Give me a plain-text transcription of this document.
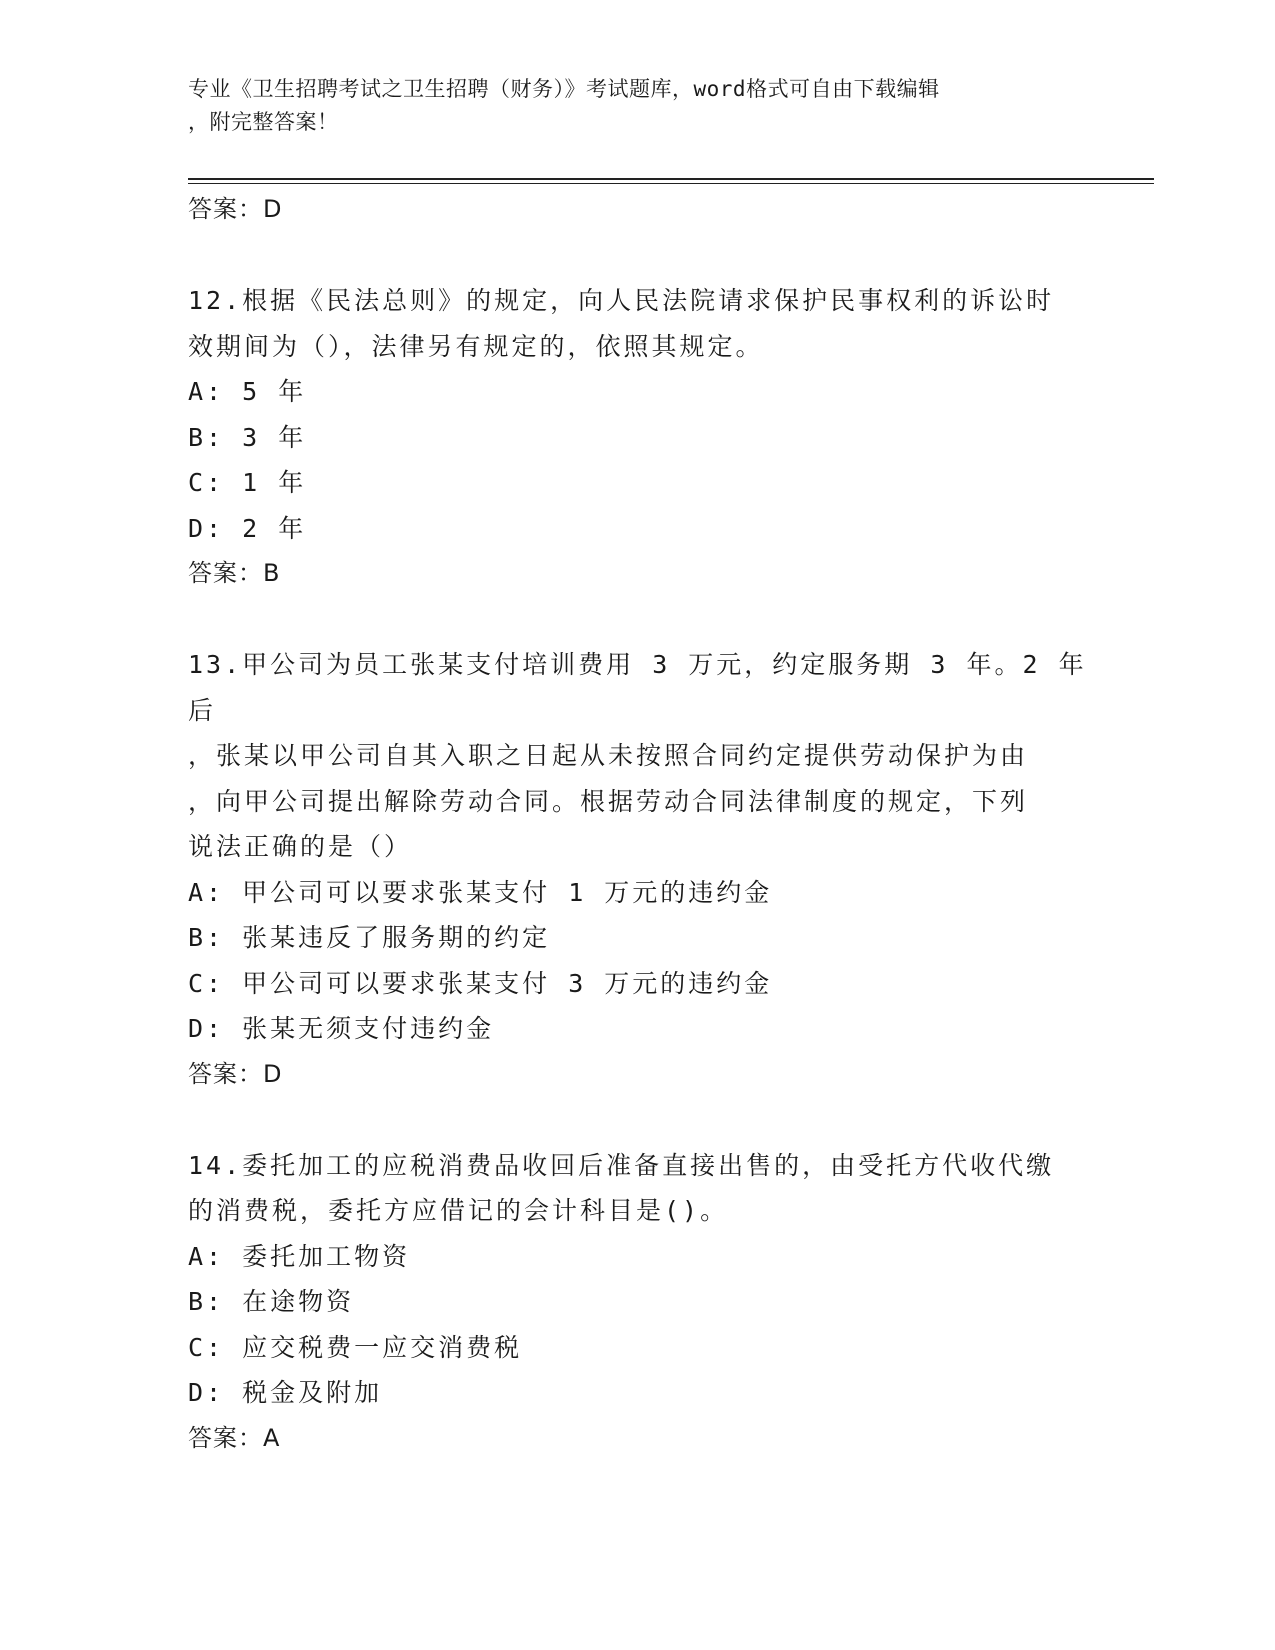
专业《卫生招聘考试之卫生招聘（财务）》考试题库，word格式可自由下载编辑
，附完整答案！
答案：D
12.根据《民法总则》的规定，向人民法院请求保护民事权利的诉讼时
效期间为（），法律另有规定的，依照其规定。
A: 5 年
B: 3 年
C: 1 年
D: 2 年
答案：B
13.甲公司为员工张某支付培训费用 3 万元，约定服务期 3 年。2 年后
，张某以甲公司自其入职之日起从未按照合同约定提供劳动保护为由
，向甲公司提出解除劳动合同。根据劳动合同法律制度的规定，下列
说法正确的是（）
A: 甲公司可以要求张某支付 1 万元的违约金
B: 张某违反了服务期的约定
C: 甲公司可以要求张某支付 3 万元的违约金
D: 张某无须支付违约金
答案：D
14.委托加工的应税消费品收回后准备直接出售的，由受托方代收代缴
的消费税，委托方应借记的会计科目是()。
A: 委托加工物资
B: 在途物资
C: 应交税费一应交消费税
D: 税金及附加
答案：A
